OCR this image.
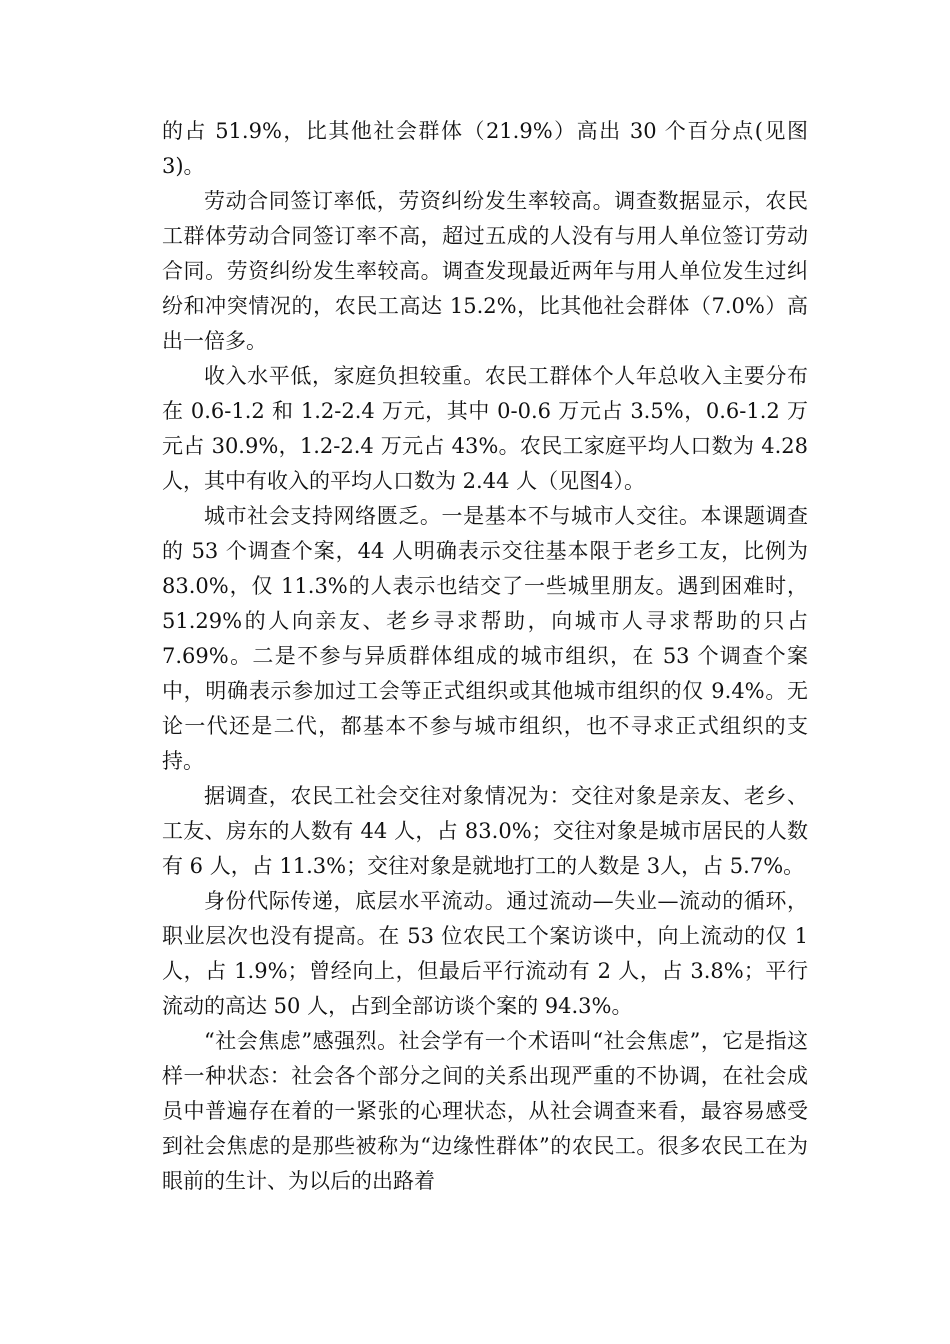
的占 51.9%，比其他社会群体（21.9%）高出 30 个百分点(见图3)。

劳动合同签订率低，劳资纠纷发生率较高。调查数据显示，农民工群体劳动合同签订率不高，超过五成的人没有与用人单位签订劳动合同。劳资纠纷发生率较高。调查发现最近两年与用人单位发生过纠纷和冲突情况的，农民工高达 15.2%，比其他社会群体（7.0%）高出一倍多。

收入水平低，家庭负担较重。农民工群体个人年总收入主要分布在 0.6-1.2 和 1.2-2.4 万元，其中 0-0.6 万元占 3.5%，0.6-1.2 万元占 30.9%，1.2-2.4 万元占 43%。农民工家庭平均人口数为 4.28 人，其中有收入的平均人口数为 2.44 人（见图4）。

城市社会支持网络匮乏。一是基本不与城市人交往。本课题调查的 53 个调查个案，44 人明确表示交往基本限于老乡工友，比例为 83.0%，仅 11.3%的人表示也结交了一些城里朋友。遇到困难时，51.29%的人向亲友、老乡寻求帮助，向城市人寻求帮助的只占 7.69%。二是不参与异质群体组成的城市组织，在 53 个调查个案中，明确表示参加过工会等正式组织或其他城市组织的仅 9.4%。无论一代还是二代，都基本不参与城市组织，也不寻求正式组织的支持。

据调查，农民工社会交往对象情况为：交往对象是亲友、老乡、工友、房东的人数有 44 人，占 83.0%；交往对象是城市居民的人数有 6 人，占 11.3%；交往对象是就地打工的人数是 3人，占 5.7%。

身份代际传递，底层水平流动。通过流动—失业—流动的循环，职业层次也没有提高。在 53 位农民工个案访谈中，向上流动的仅 1 人，占 1.9%；曾经向上，但最后平行流动有 2 人，占 3.8%；平行流动的高达 50 人，占到全部访谈个案的 94.3%。

“社会焦虑”感强烈。社会学有一个术语叫“社会焦虑”，它是指这样一种状态：社会各个部分之间的关系出现严重的不协调，在社会成员中普遍存在着的一紧张的心理状态，从社会调查来看，最容易感受到社会焦虑的是那些被称为“边缘性群体”的农民工。很多农民工在为眼前的生计、为以后的出路着
